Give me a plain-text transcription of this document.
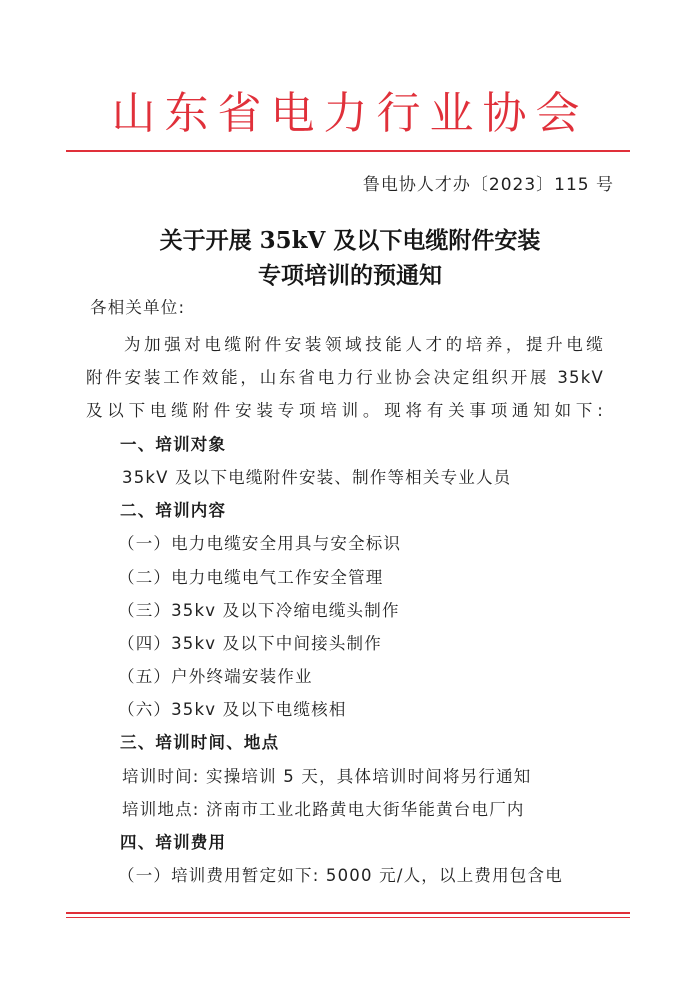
山东省电力行业协会
鲁电协人才办〔2023〕115 号
关于开展 35kV 及以下电缆附件安装
专项培训的预通知
各相关单位:
为加强对电缆附件安装领域技能人才的培养，提升电缆
附件安装工作效能，山东省电力行业协会决定组织开展 35kV
及以下电缆附件安装专项培训。现将有关事项通知如下:
一、培训对象
35kV 及以下电缆附件安装、制作等相关专业人员
二、培训内容
（一）电力电缆安全用具与安全标识
（二）电力电缆电气工作安全管理
（三）35kv 及以下冷缩电缆头制作
（四）35kv 及以下中间接头制作
（五）户外终端安装作业
（六）35kv 及以下电缆核相
三、培训时间、地点
培训时间: 实操培训 5 天，具体培训时间将另行通知
培训地点: 济南市工业北路黄电大街华能黄台电厂内
四、培训费用
（一）培训费用暂定如下: 5000 元/人，以上费用包含电
